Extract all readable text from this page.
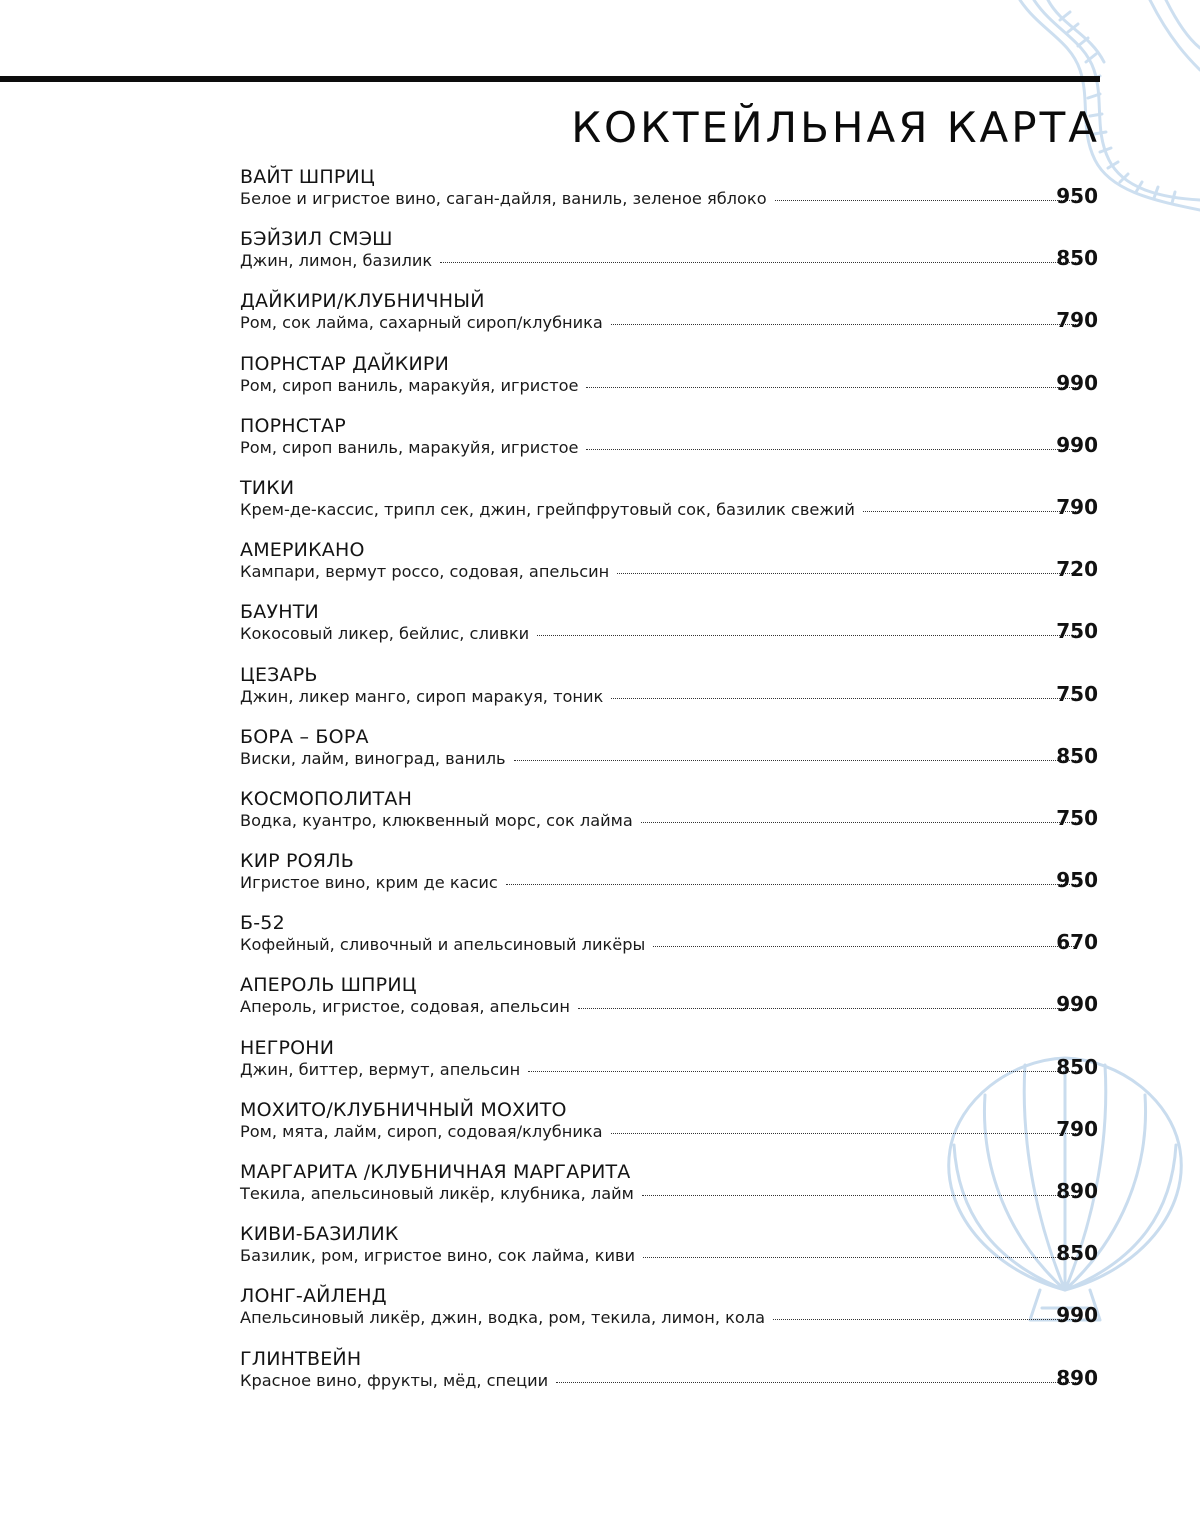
КОКТЕЙЛЬНАЯ КАРТА
ВАЙТ ШПРИЦ
Белое и игристое вино, саган-дайля, ваниль, зеленое яблоко	950
БЭЙЗИЛ СМЭШ
Джин, лимон, базилик	850
ДАЙКИРИ/КЛУБНИЧНЫЙ
Ром, сок лайма, сахарный сироп/клубника	790
ПОРНСТАР ДАЙКИРИ
Ром, сироп ваниль, маракуйя, игристое	990
ПОРНСТАР
Ром, сироп ваниль, маракуйя, игристое	990
ТИКИ
Крем-де-кассис, трипл сек, джин, грейпфрутовый сок, базилик свежий	790
АМЕРИКАНО
Кампари, вермут россо, содовая, апельсин	720
БАУНТИ
Кокосовый ликер, бейлис, сливки	750
ЦЕЗАРЬ
Джин, ликер манго, сироп маракуя, тоник	750
БОРА – БОРА
Виски, лайм, виноград, ваниль	850
КОСМОПОЛИТАН
Водка, куантро, клюквенный морс, сок лайма	750
КИР РОЯЛЬ
Игристое вино, крим де касис	950
Б-52
Кофейный, сливочный и апельсиновый ликёры	670
АПЕРОЛЬ ШПРИЦ
Апероль, игристое, содовая, апельсин	990
НЕГРОНИ
Джин, биттер, вермут, апельсин	850
МОХИТО/КЛУБНИЧНЫЙ МОХИТО
Ром, мята, лайм, сироп, содовая/клубника	790
МАРГАРИТА /КЛУБНИЧНАЯ МАРГАРИТА
Текила, апельсиновый ликёр, клубника, лайм	890
КИВИ-БАЗИЛИК
Базилик, ром, игристое вино, сок лайма, киви	850
ЛОНГ-АЙЛЕНД
Апельсиновый ликёр, джин, водка, ром, текила, лимон, кола	990
ГЛИНТВЕЙН
Красное вино, фрукты, мёд, специи	890
